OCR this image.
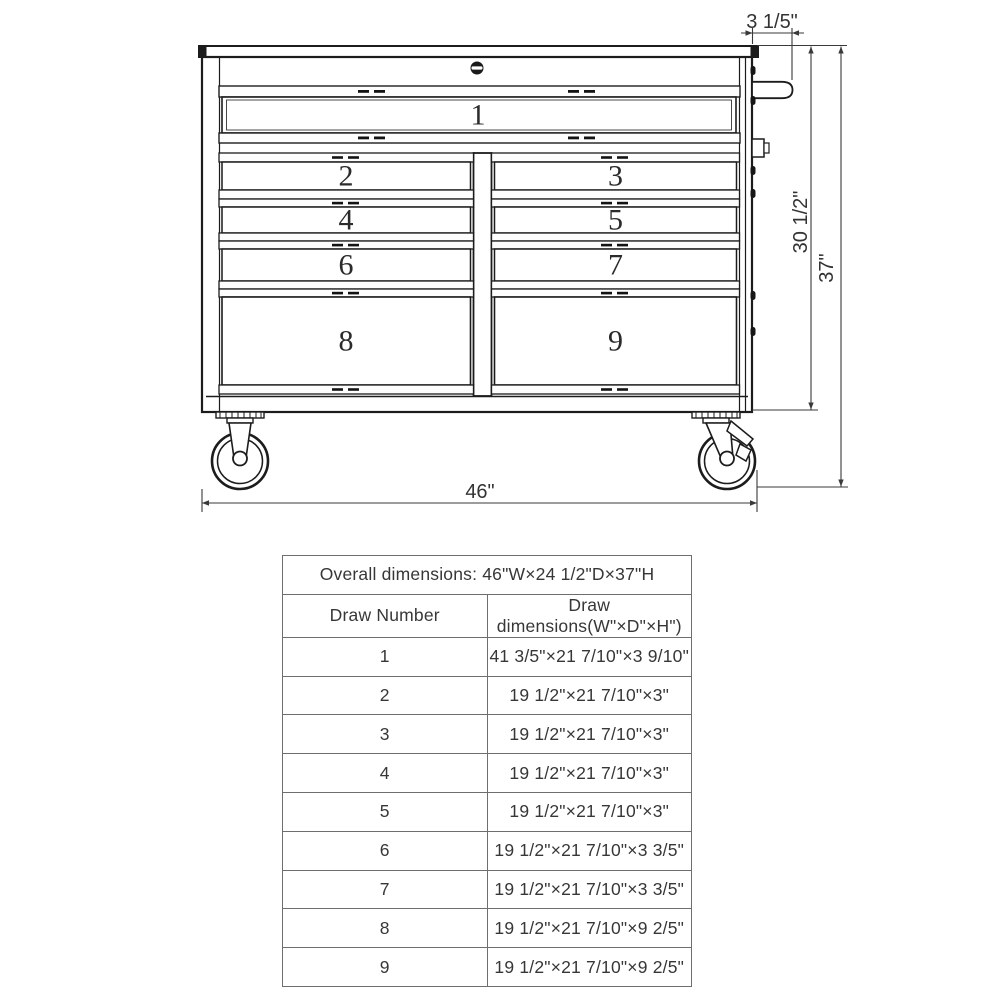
1
2	3
4	5
6	7
8	9
3 1/5"
30 1/2"
37"
46"
Overall dimensions: 46"W×24 1/2"D×37"H	
Draw Number	Draw dimensions(W"×D"×H")
1	41 3/5"×21 7/10"×3 9/10"
2	19 1/2"×21 7/10"×3"
3	19 1/2"×21 7/10"×3"
4	19 1/2"×21 7/10"×3"
5	19 1/2"×21 7/10"×3"
6	19 1/2"×21 7/10"×3 3/5"
7	19 1/2"×21 7/10"×3 3/5"
8	19 1/2"×21 7/10"×9 2/5"
9	19 1/2"×21 7/10"×9 2/5"
